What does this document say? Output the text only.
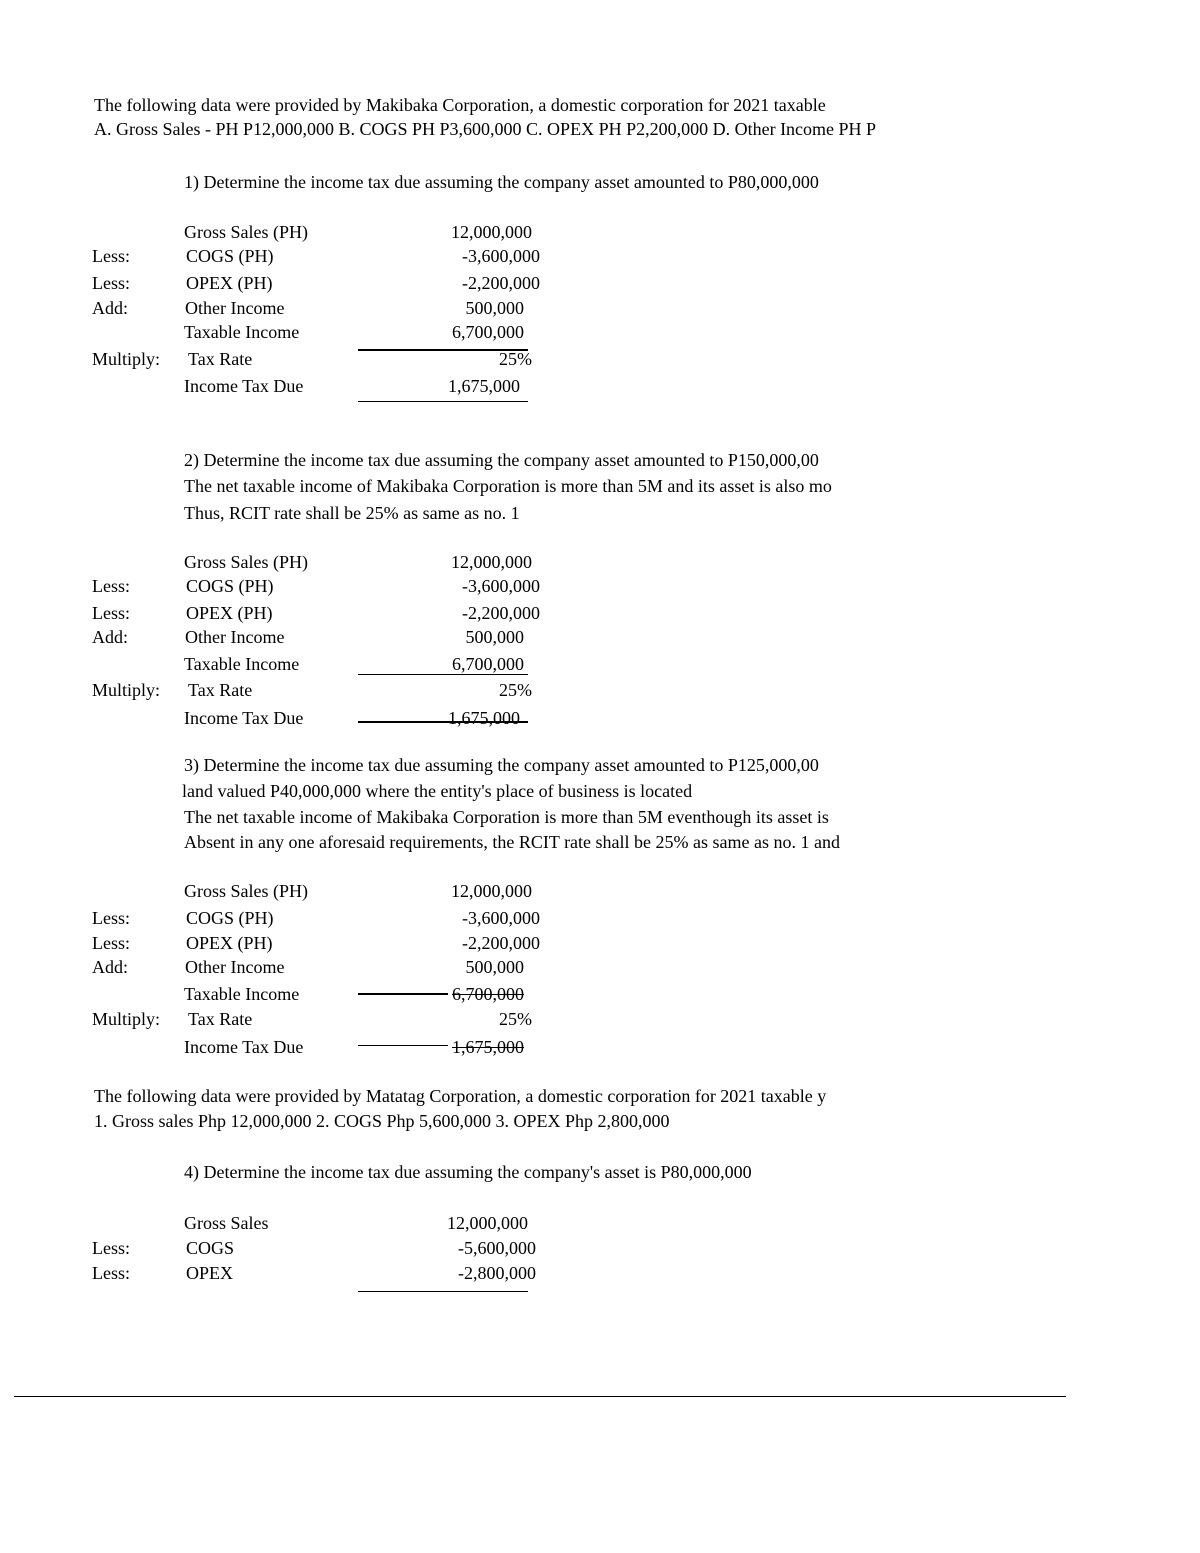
The following data were provided by Makibaka Corporation, a domestic corporation for 2021 taxable
A. Gross Sales - PH P12,000,000 B. COGS PH P3,600,000 C. OPEX PH P2,200,000 D. Other Income PH P
1) Determine the income tax due assuming the company asset amounted to P80,000,000
Gross Sales (PH)	12,000,000
Less:	COGS (PH)	-3,600,000
Less:	OPEX (PH)	-2,200,000
Add:	Other Income	500,000
Taxable Income	6,700,000
Multiply: Tax Rate	25%
Income Tax Due	1,675,000
2) Determine the income tax due assuming the company asset amounted to P150,000,00
The net taxable income of Makibaka Corporation is more than 5M and its asset is also mo
Thus, RCIT rate shall be 25% as same as no. 1
Gross Sales (PH)	12,000,000
Less:	COGS (PH)	-3,600,000
Less:	OPEX (PH)	-2,200,000
Add:	Other Income	500,000
Taxable Income	6,700,000
Multiply: Tax Rate	25%
Income Tax Due	1,675,000
3) Determine the income tax due assuming the company asset amounted to P125,000,00
land valued P40,000,000 where the entity's place of business is located
The net taxable income of Makibaka Corporation is more than 5M eventhough its asset is
Absent in any one aforesaid requirements, the RCIT rate shall be 25% as same as no. 1 and
Gross Sales (PH)	12,000,000
Less:	COGS (PH)	-3,600,000
Less:	OPEX (PH)	-2,200,000
Add:	Other Income	500,000
Taxable Income	6,700,000
Multiply: Tax Rate	25%
Income Tax Due	1,675,000
The following data were provided by Matatag Corporation, a domestic corporation for 2021 taxable y
1. Gross sales Php 12,000,000 2. COGS Php 5,600,000 3. OPEX Php 2,800,000
4) Determine the income tax due assuming the company's asset is P80,000,000
Gross Sales	12,000,000
Less:	COGS	-5,600,000
Less:	OPEX	-2,800,000
